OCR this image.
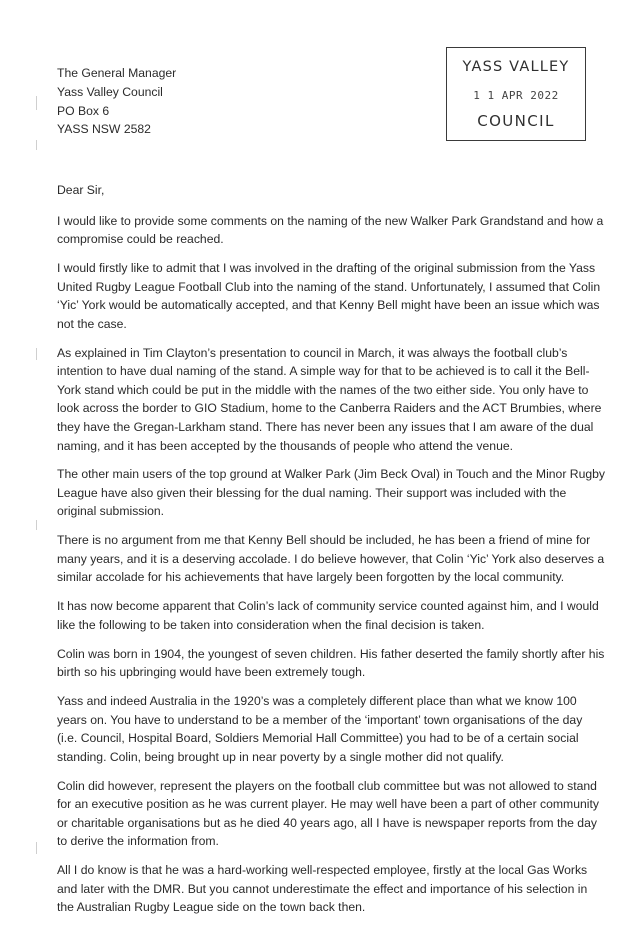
The General Manager
Yass Valley Council
PO Box 6
YASS NSW 2582
YASS VALLEY
1 1 APR 2022
COUNCIL

Dear Sir,

I would like to provide some comments on the naming of the new Walker Park Grandstand and how a compromise could be reached.

I would firstly like to admit that I was involved in the drafting of the original submission from the Yass United Rugby League Football Club into the naming of the stand. Unfortunately, I assumed that Colin ‘Yic’ York would be automatically accepted, and that Kenny Bell might have been an issue which was not the case.

As explained in Tim Clayton’s presentation to council in March, it was always the football club’s intention to have dual naming of the stand. A simple way for that to be achieved is to call it the Bell-York stand which could be put in the middle with the names of the two either side. You only have to look across the border to GIO Stadium, home to the Canberra Raiders and the ACT Brumbies, where they have the Gregan-Larkham stand. There has never been any issues that I am aware of the dual naming, and it has been accepted by the thousands of people who attend the venue.

The other main users of the top ground at Walker Park (Jim Beck Oval) in Touch and the Minor Rugby League have also given their blessing for the dual naming. Their support was included with the original submission.

There is no argument from me that Kenny Bell should be included, he has been a friend of mine for many years, and it is a deserving accolade. I do believe however, that Colin ‘Yic’ York also deserves a similar accolade for his achievements that have largely been forgotten by the local community.

It has now become apparent that Colin’s lack of community service counted against him, and I would like the following to be taken into consideration when the final decision is taken.

Colin was born in 1904, the youngest of seven children. His father deserted the family shortly after his birth so his upbringing would have been extremely tough.

Yass and indeed Australia in the 1920’s was a completely different place than what we know 100 years on. You have to understand to be a member of the ‘important’ town organisations of the day (i.e. Council, Hospital Board, Soldiers Memorial Hall Committee) you had to be of a certain social standing. Colin, being brought up in near poverty by a single mother did not qualify.

Colin did however, represent the players on the football club committee but was not allowed to stand for an executive position as he was current player. He may well have been a part of other community or charitable organisations but as he died 40 years ago, all I have is newspaper reports from the day to derive the information from.

All I do know is that he was a hard-working well-respected employee, firstly at the local Gas Works and later with the DMR. But you cannot underestimate the effect and importance of his selection in the Australian Rugby League side on the town back then.
